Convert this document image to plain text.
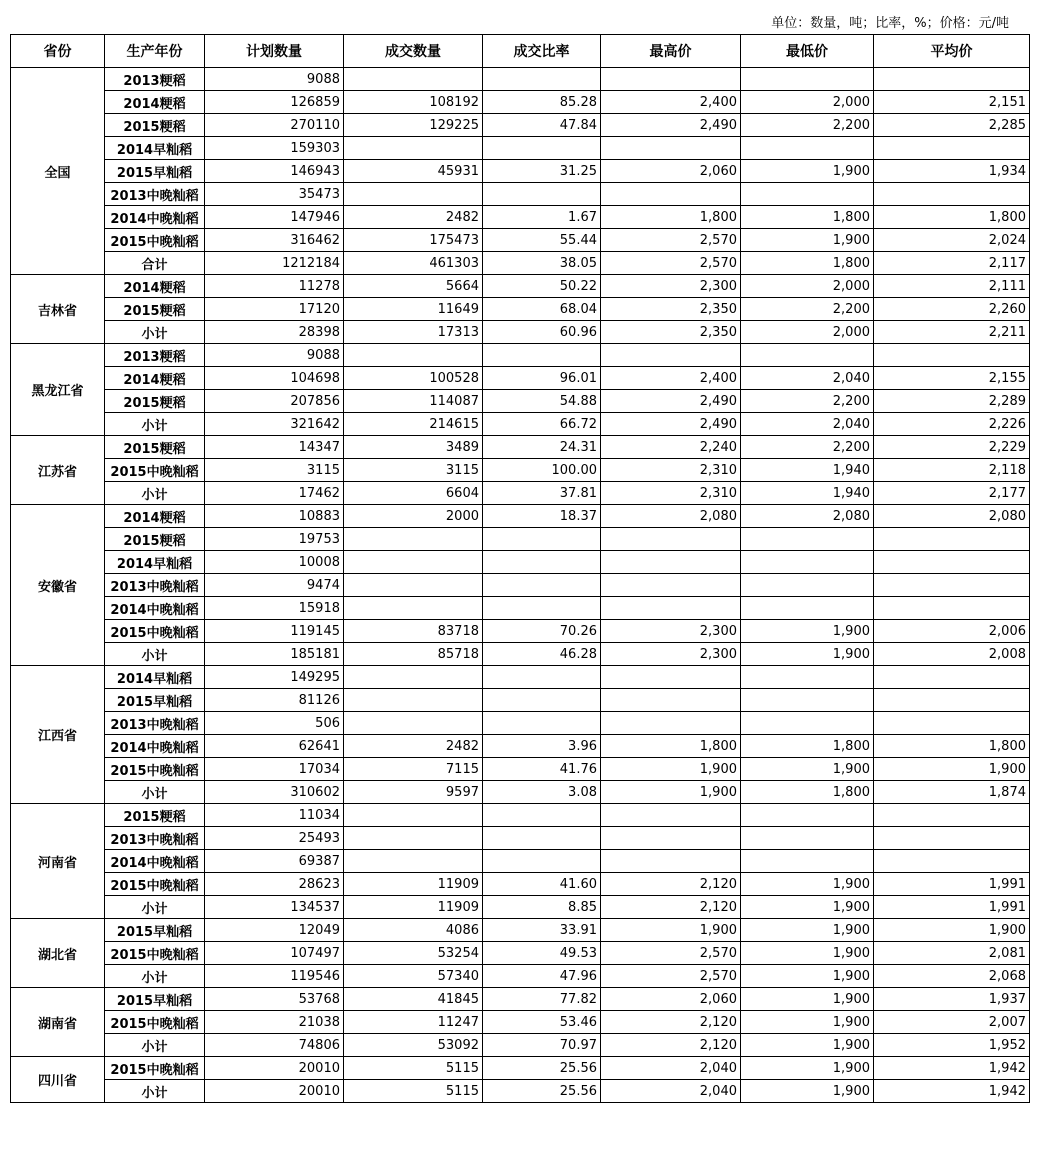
单位：数量，吨；比率，%；价格：元/吨
省份	生产年份	计划数量	成交数量	成交比率	最高价	最低价	平均价
全国	2013粳稻	9088					
	2014粳稻	126859	108192	85.28	2,400	2,000	2,151
	2015粳稻	270110	129225	47.84	2,490	2,200	2,285
	2014早籼稻	159303					
	2015早籼稻	146943	45931	31.25	2,060	1,900	1,934
	2013中晚籼稻	35473					
	2014中晚籼稻	147946	2482	1.67	1,800	1,800	1,800
	2015中晚籼稻	316462	175473	55.44	2,570	1,900	2,024
	合计	1212184	461303	38.05	2,570	1,800	2,117
吉林省	2014粳稻	11278	5664	50.22	2,300	2,000	2,111
	2015粳稻	17120	11649	68.04	2,350	2,200	2,260
	小计	28398	17313	60.96	2,350	2,000	2,211
黑龙江省	2013粳稻	9088					
	2014粳稻	104698	100528	96.01	2,400	2,040	2,155
	2015粳稻	207856	114087	54.88	2,490	2,200	2,289
	小计	321642	214615	66.72	2,490	2,040	2,226
江苏省	2015粳稻	14347	3489	24.31	2,240	2,200	2,229
	2015中晚籼稻	3115	3115	100.00	2,310	1,940	2,118
	小计	17462	6604	37.81	2,310	1,940	2,177
安徽省	2014粳稻	10883	2000	18.37	2,080	2,080	2,080
	2015粳稻	19753					
	2014早籼稻	10008					
	2013中晚籼稻	9474					
	2014中晚籼稻	15918					
	2015中晚籼稻	119145	83718	70.26	2,300	1,900	2,006
	小计	185181	85718	46.28	2,300	1,900	2,008
江西省	2014早籼稻	149295					
	2015早籼稻	81126					
	2013中晚籼稻	506					
	2014中晚籼稻	62641	2482	3.96	1,800	1,800	1,800
	2015中晚籼稻	17034	7115	41.76	1,900	1,900	1,900
	小计	310602	9597	3.08	1,900	1,800	1,874
河南省	2015粳稻	11034					
	2013中晚籼稻	25493					
	2014中晚籼稻	69387					
	2015中晚籼稻	28623	11909	41.60	2,120	1,900	1,991
	小计	134537	11909	8.85	2,120	1,900	1,991
湖北省	2015早籼稻	12049	4086	33.91	1,900	1,900	1,900
	2015中晚籼稻	107497	53254	49.53	2,570	1,900	2,081
	小计	119546	57340	47.96	2,570	1,900	2,068
湖南省	2015早籼稻	53768	41845	77.82	2,060	1,900	1,937
	2015中晚籼稻	21038	11247	53.46	2,120	1,900	2,007
	小计	74806	53092	70.97	2,120	1,900	1,952
四川省	2015中晚籼稻	20010	5115	25.56	2,040	1,900	1,942
	小计	20010	5115	25.56	2,040	1,900	1,942
